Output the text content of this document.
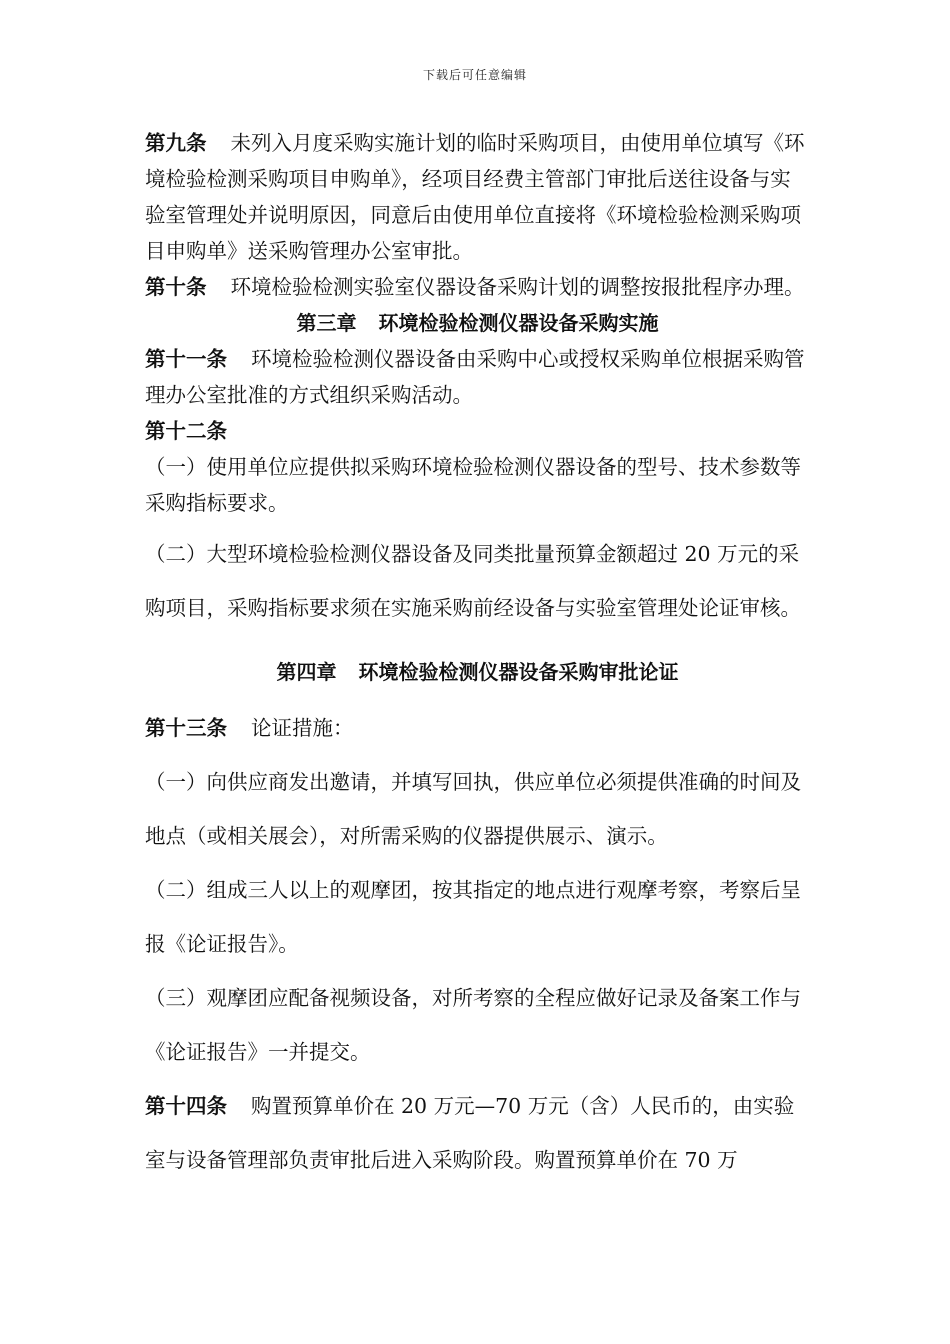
下载后可任意编辑

第九条 未列入月度采购实施计划的临时采购项目，由使用单位填写《环境检验检测采购项目申购单》，经项目经费主管部门审批后送往设备与实验室管理处并说明原因，同意后由使用单位直接将《环境检验检测采购项目申购单》送采购管理办公室审批。

第十条 环境检验检测实验室仪器设备采购计划的调整按报批程序办理。

第三章 环境检验检测仪器设备采购实施

第十一条 环境检验检测仪器设备由采购中心或授权采购单位根据采购管理办公室批准的方式组织采购活动。

第十二条

（一）使用单位应提供拟采购环境检验检测仪器设备的型号、技术参数等采购指标要求。

（二）大型环境检验检测仪器设备及同类批量预算金额超过 20 万元的采购项目，采购指标要求须在实施采购前经设备与实验室管理处论证审核。

第四章 环境检验检测仪器设备采购审批论证

第十三条 论证措施：

（一）向供应商发出邀请，并填写回执，供应单位必须提供准确的时间及地点（或相关展会），对所需采购的仪器提供展示、演示。

（二）组成三人以上的观摩团，按其指定的地点进行观摩考察，考察后呈报《论证报告》。

（三）观摩团应配备视频设备，对所考察的全程应做好记录及备案工作与《论证报告》一并提交。

第十四条 购置预算单价在 20 万元—70 万元（含）人民币的，由实验室与设备管理部负责审批后进入采购阶段。购置预算单价在 70 万
